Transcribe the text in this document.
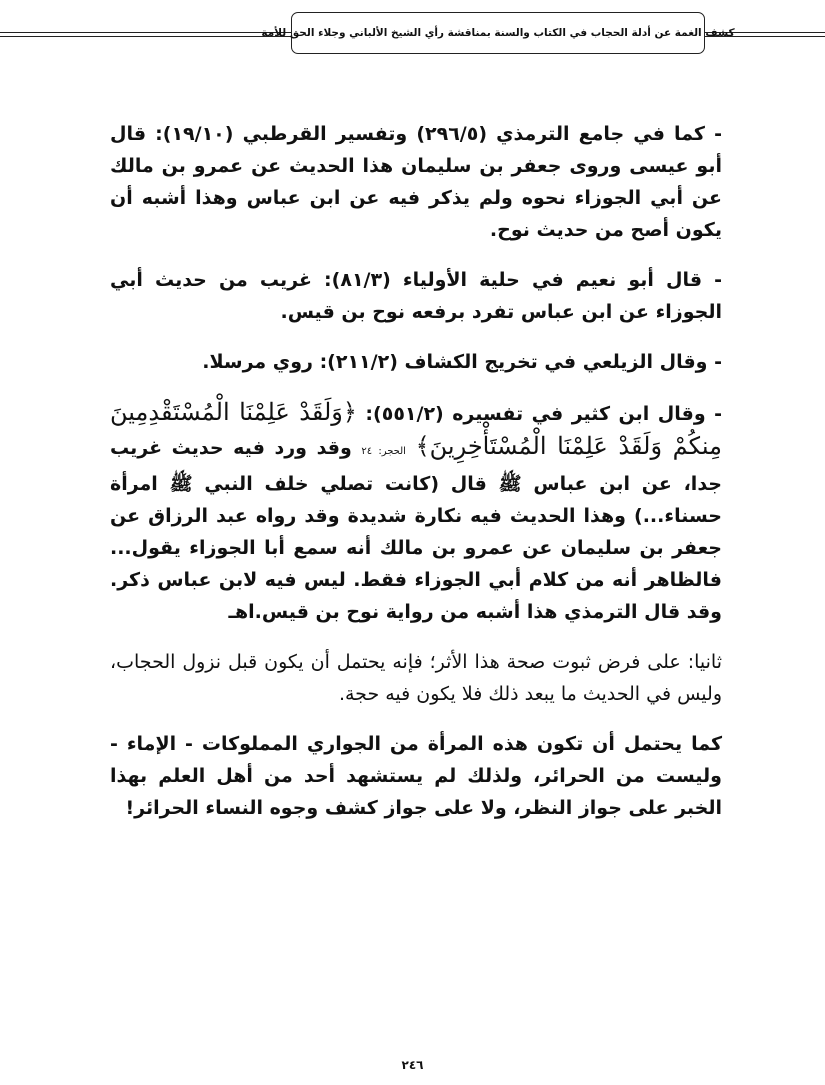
كشف الغمة عن أدلة الحجاب في الكتاب والسنة بمناقشة رأي الشيخ الألباني وجلاء الحق للأمة

- كما في جامع الترمذي (٢٩٦/٥) وتفسير القرطبي (١٩/١٠): قال أبو عيسى وروى جعفر بن سليمان هذا الحديث عن عمرو بن مالك عن أبي الجوزاء نحوه ولم يذكر فيه عن ابن عباس وهذا أشبه أن يكون أصح من حديث نوح.

- قال أبو نعيم في حلية الأولياء (٨١/٣): غريب من حديث أبي الجوزاء عن ابن عباس تفرد برفعه نوح بن قيس.

- وقال الزيلعي في تخريج الكشاف (٢١١/٢): روي مرسلا.

- وقال ابن كثير في تفسيره (٥٥١/٢): ﴿وَلَقَدْ عَلِمْنَا الْمُسْتَقْدِمِينَ مِنكُمْ وَلَقَدْ عَلِمْنَا الْمُسْتَأْخِرِينَ﴾ الحجر: ٢٤ وقد ورد فيه حديث غريب جدا، عن ابن عباس ﷺ قال (كانت تصلي خلف النبي ﷺ امرأة حسناء...) وهذا الحديث فيه نكارة شديدة وقد رواه عبد الرزاق عن جعفر بن سليمان عن عمرو بن مالك أنه سمع أبا الجوزاء يقول... فالظاهر أنه من كلام أبي الجوزاء فقط. ليس فيه لابن عباس ذكر. وقد قال الترمذي هذا أشبه من رواية نوح بن قيس.اهـ

ثانيا: على فرض ثبوت صحة هذا الأثر؛ فإنه يحتمل أن يكون قبل نزول الحجاب، وليس في الحديث ما يبعد ذلك فلا يكون فيه حجة.

كما يحتمل أن تكون هذه المرأة من الجواري المملوكات - الإماء - وليست من الحرائر، ولذلك لم يستشهد أحد من أهل العلم بهذا الخبر على جواز النظر، ولا على جواز كشف وجوه النساء الحرائر!

٢٤٦
